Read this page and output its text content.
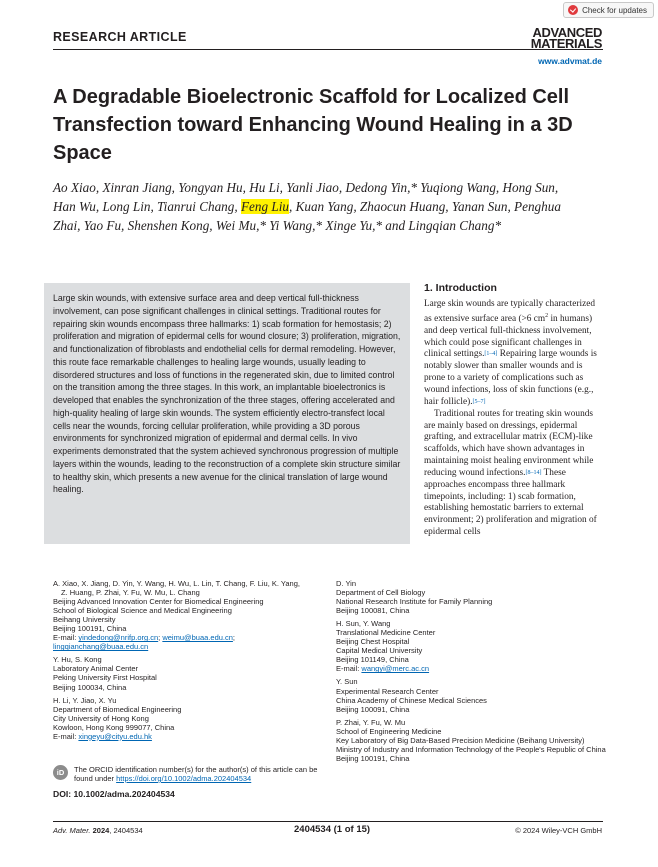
Check for updates
RESEARCH ARTICLE	ADVANCED
MATERIALS
www.advmat.de
A Degradable Bioelectronic Scaffold for Localized Cell Transfection toward Enhancing Wound Healing in a 3D Space
Ao Xiao, Xinran Jiang, Yongyan Hu, Hu Li, Yanli Jiao, Dedong Yin,* Yuqiong Wang, Hong Sun, Han Wu, Long Lin, Tianrui Chang, Feng Liu, Kuan Yang, Zhaocun Huang, Yanan Sun, Penghua Zhai, Yao Fu, Shenshen Kong, Wei Mu,* Yi Wang,* Xinge Yu,* and Lingqian Chang*
Large skin wounds, with extensive surface area and deep vertical full-thickness involvement, can pose significant challenges in clinical settings. Traditional routes for repairing skin wounds encompass three hallmarks: 1) scab formation for hemostasis; 2) proliferation and migration of epidermal cells for wound closure; 3) proliferation, migration, and functionalization of fibroblasts and endothelial cells for dermal remodeling. However, this route face remarkable challenges to healing large wounds, usually leading to disordered structures and loss of functions in the regenerated skin, due to limited control on the transition among the three stages. In this work, an implantable bioelectronics is developed that enables the synchronization of the three stages, offering accelerated and high-quality healing of large skin wounds. The system efficiently electro-transfect local cells near the wounds, forcing cellular proliferation, while providing a 3D porous environments for synchronized migration of epidermal and dermal cells. In vivo experiments demonstrated that the system achieved synchronous progression of multiple layers within the wounds, leading to the reconstruction of a complete skin structure similar to healthy skin, which presents a new avenue for the clinical translation of large wound healing.
1. Introduction
Large skin wounds are typically characterized as extensive surface area (>6 $cm^2$ in humans) and deep vertical full-thickness involvement, which could pose significant challenges in clinical settings.[1–4] Repairing large wounds is notably slower than smaller wounds and is prone to a variety of complications such as wound infections, loss of skin functions (e.g., hair follicle).[5–7]
Traditional routes for treating skin wounds are mainly based on dressings, epidermal grafting, and extracellular matrix (ECM)-like scaffolds, which have shown advantages in maintaining moist healing environment while reducing wound infections.[8–14] These approaches encompass three hallmark timepoints, including: 1) scab formation, establishing hemostatic barriers to external environment; 2) proliferation and migration of epidermal cells
A. Xiao, X. Jiang, D. Yin, Y. Wang, H. Wu, L. Lin, T. Chang, F. Liu, K. Yang,
Z. Huang, P. Zhai, Y. Fu, W. Mu, L. Chang
Beijing Advanced Innovation Center for Biomedical Engineering
School of Biological Science and Medical Engineering
Beihang University
Beijing 100191, China
E-mail: yindedong@nrifp.org.cn; weimu@buaa.edu.cn;
lingqianchang@buaa.edu.cn
Y. Hu, S. Kong
Laboratory Animal Center
Peking University First Hospital
Beijing 100034, China
H. Li, Y. Jiao, X. Yu
Department of Biomedical Engineering
City University of Hong Kong
Kowloon, Hong Kong 999077, China
E-mail: xingeyu@cityu.edu.hk
iD	The ORCID identification number(s) for the author(s) of this article can be found under https://doi.org/10.1002/adma.202404534
DOI: 10.1002/adma.202404534
D. Yin
Department of Cell Biology
National Research Institute for Family Planning
Beijing 100081, China
H. Sun, Y. Wang
Translational Medicine Center
Beijing Chest Hospital
Capital Medical University
Beijing 101149, China
E-mail: wangyi@merc.ac.cn
Y. Sun
Experimental Research Center
China Academy of Chinese Medical Sciences
Beijing 100091, China
P. Zhai, Y. Fu, W. Mu
School of Engineering Medicine
Key Laboratory of Big Data-Based Precision Medicine (Beihang University)
Ministry of Industry and Information Technology of the People's Republic of China
Beijing 100191, China
Adv. Mater. 2024, 2404534	2404534 (1 of 15)	© 2024 Wiley-VCH GmbH
